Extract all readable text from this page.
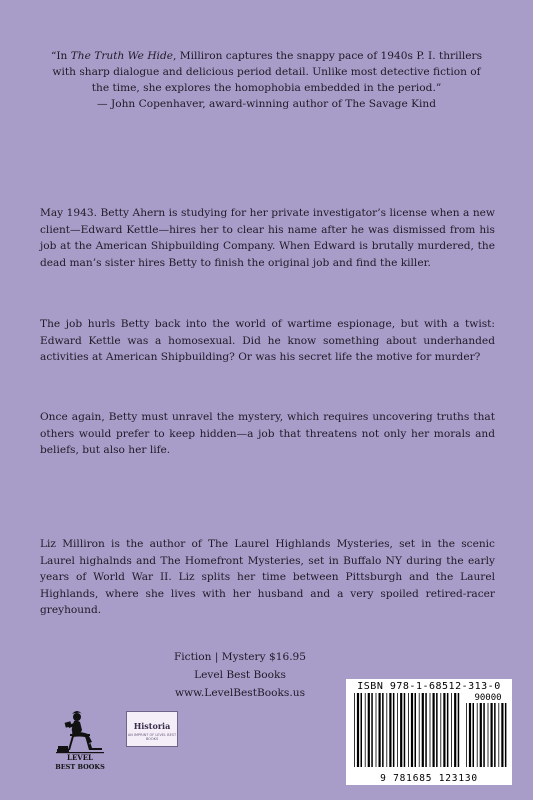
“In The Truth We Hide, Milliron captures the snappy pace of 1940s P. I. thrillers with sharp dialogue and delicious period detail. Unlike most detective fiction of the time, she explores the homophobia embedded in the period.”
— John Copenhaver, award-winning author of The Savage Kind

May 1943. Betty Ahern is studying for her private investigator’s license when a new client—Edward Kettle—hires her to clear his name after he was dismissed from his job at the American Shipbuilding Company. When Edward is brutally murdered, the dead man’s sister hires Betty to finish the original job and find the killer.

The job hurls Betty back into the world of wartime espionage, but with a twist: Edward Kettle was a homosexual. Did he know something about underhanded activities at American Shipbuilding? Or was his secret life the motive for murder?

Once again, Betty must unravel the mystery, which requires uncovering truths that others would prefer to keep hidden—a job that threatens not only her morals and beliefs, but also her life.

Liz Milliron is the author of The Laurel Highlands Mysteries, set in the scenic Laurel highalnds and The Homefront Mysteries, set in Buffalo NY during the early years of World War II. Liz splits her time between Pittsburgh and the Laurel Highlands, where she lives with her husband and a very spoiled retired-racer greyhound.

Fiction | Mystery $16.95
Level Best Books
www.LevelBestBooks.us
LEVEL
BEST BOOKS
Historia
AN IMPRINT OF LEVEL BEST BOOKS
ISBN 978-1-68512-313-0
90000
9 781685 123130
